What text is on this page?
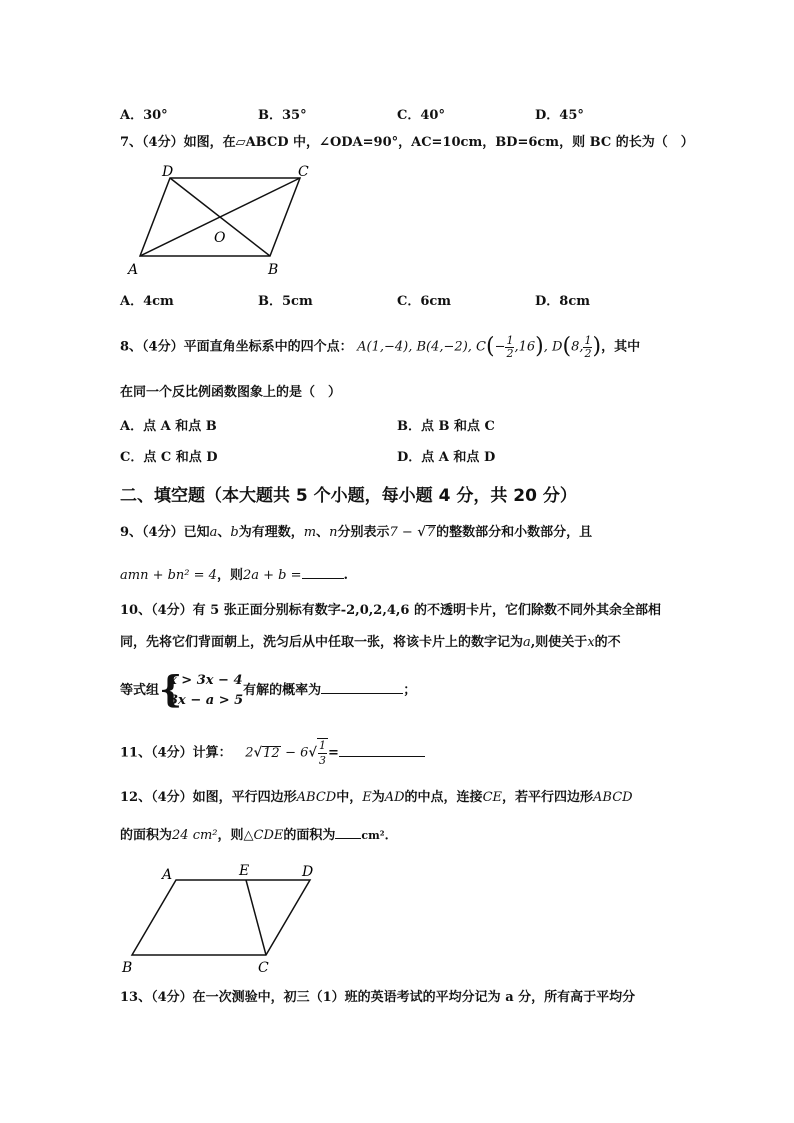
A．30°	B．35°	C．40°	D．45°
7、（4分）如图，在▱ABCD 中，∠ODA=90°，AC=10cm，BD=6cm，则 BC 的长为（　）
D	C
O
A	B
A．4cm	B．5cm	C．6cm	D．8cm
8、（4分）平面直角坐标系中的四个点： A(1,−4), B(4,−2), $C(- \frac{1}{2} ,16)$, D(8, $\frac{1}{2}$ )，其中
在同一个反比例函数图象上的是（　）
A．点 A 和点 B	B．点 B 和点 C
C．点 C 和点 D	D．点 A 和点 D
二、填空题（本大题共 5 个小题，每小题 4 分，共 20 分）
9、（4分）已知a、b为有理数，m、n分别表示7 − √7的整数部分和小数部分，且
amn + bn² = 4，则2a + b =	.
10、（4分）有 5 张正面分别标有数字-2,0,2,4,6 的不透明卡片，它们除数不同外其余全部相
同，先将它们背面朝上，洗匀后从中任取一张，将该卡片上的数字记为a,则使关于x的不
等式组 {
x > 3x − 4
3x − a > 5
有解的概率为	；
11、（4分）计算： $2√12 - 6√ \frac{1}{3}$ =
12、（4分）如图，平行四边形ABCD中，E为AD的中点，连接CE，若平行四边形ABCD
的面积为24 cm²，则△CDE的面积为 cm²．
A	E	D
B	C
13、（4分）在一次测验中，初三（1）班的英语考试的平均分记为 a 分，所有高于平均分
